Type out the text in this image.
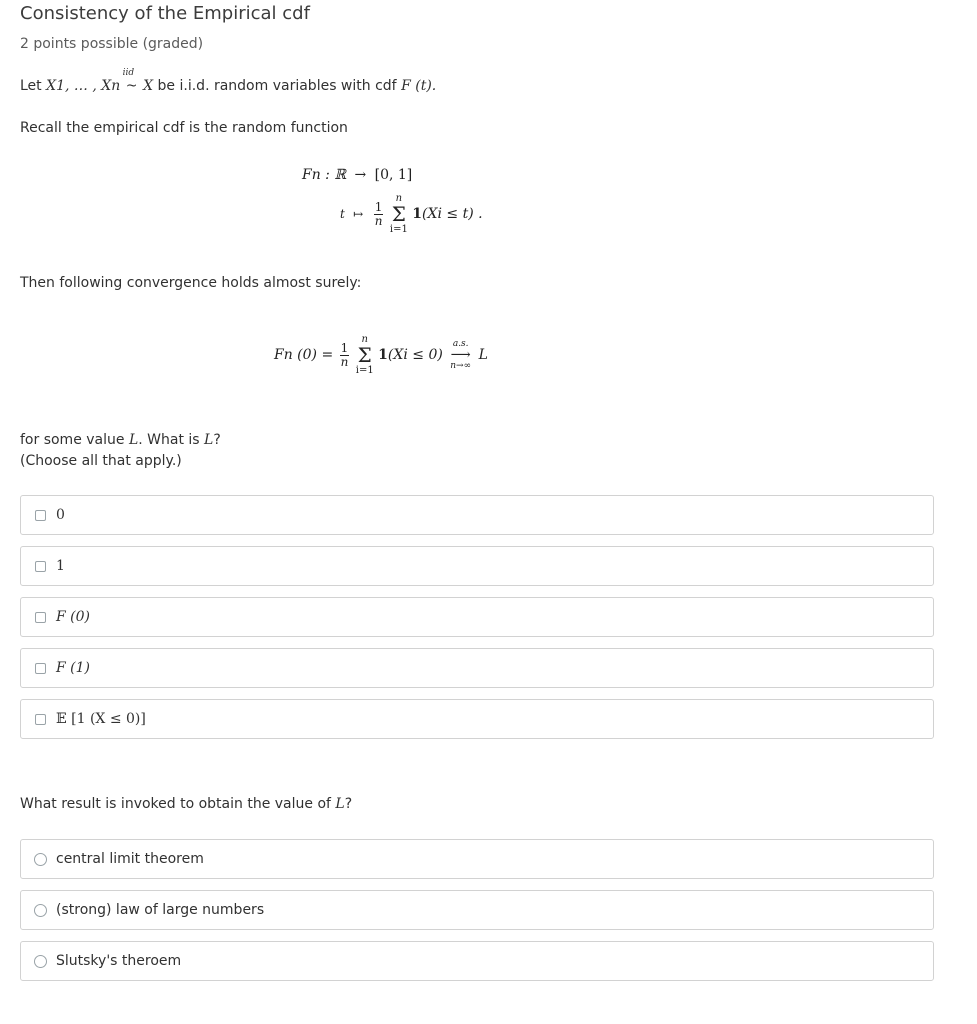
Consistency of the Empirical cdf
2 points possible (graded)
Let X1, … , Xn
iid
~ X be i.i.d. random variables with cdf F (t).
Recall the empirical cdf is the random function
Fn : ℝ → [0, 1]
t ↦ $\frac{1}{n}$

n
Σ
i=1
1(Xi ≤ t) .
Then following convergence holds almost surely:
Fn $(0) = \frac{1}{n}$

n
Σ
i=1
1(Xi ≤ 0)
a.s.
⟶
n→∞
L
for some value L. What is L?
(Choose all that apply.)
0
1
F (0)
F (1)
𝔼 [1 (X ≤ 0)]
What result is invoked to obtain the value of L?
central limit theorem
(strong) law of large numbers
Slutsky's theroem
